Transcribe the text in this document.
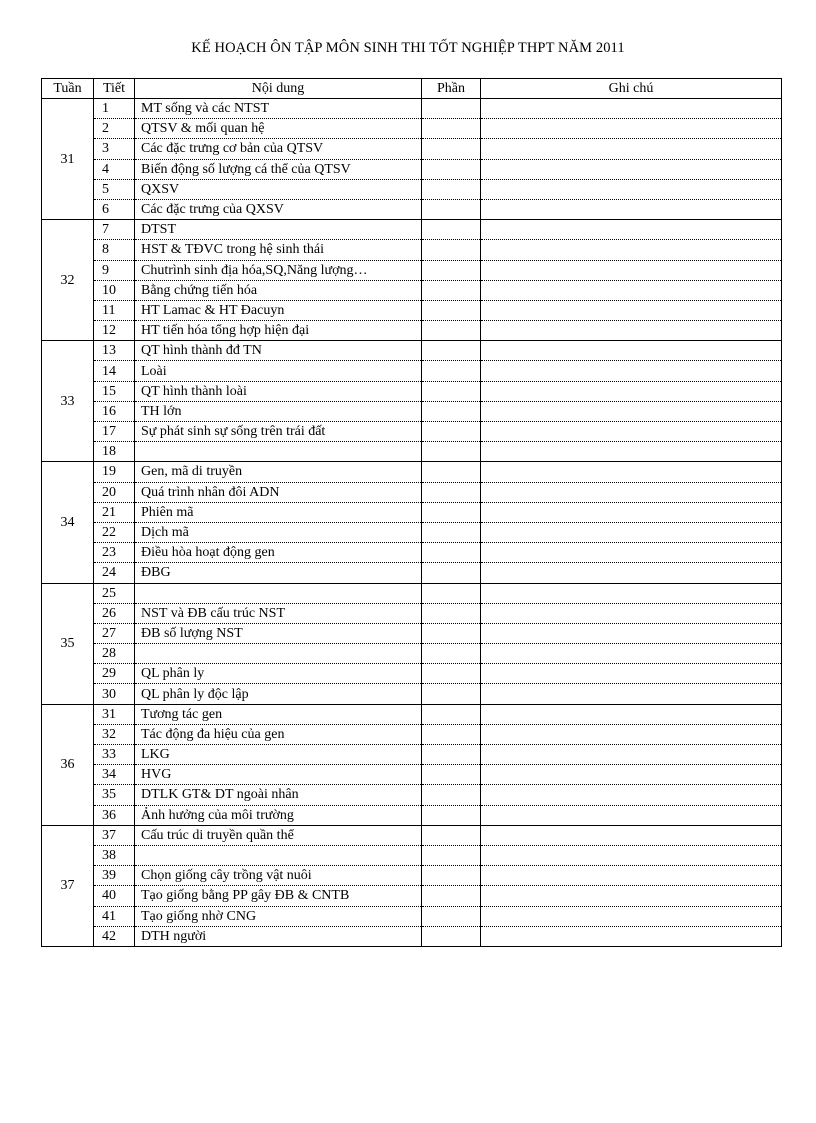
KẾ HOẠCH ÔN TẬP MÔN SINH THI TỐT NGHIỆP THPT NĂM 2011
Tuần	Tiết	Nội dung	Phần	Ghi chú
31	1	MT sống và các NTST		
	2	QTSV & mối quan hệ		
	3	Các đặc trưng cơ bản của QTSV		
	4	Biến động số lượng cá thể của QTSV		
	5	QXSV		
	6	Các đặc trưng của QXSV		
32	7	DTST		
	8	HST & TĐVC trong hệ sinh thái		
	9	Chutrình sinh địa hóa,SQ,Năng lượng…		
	10	Bằng chứng tiến hóa		
	11	HT Lamac & HT Đacuyn		
	12	HT tiến hóa tổng hợp hiện đại		
33	13	QT hình thành đđ TN		
	14	Loài		
	15	QT hình thành loài		
	16	TH lớn		
	17	Sự phát sinh sự sống trên trái đất		
	18			
34	19	Gen, mã di truyền		
	20	Quá trình nhân đôi ADN		
	21	Phiên mã		
	22	Dịch mã		
	23	Điều hòa hoạt động gen		
	24	ĐBG		
35	25			
	26	NST và ĐB cấu trúc NST		
	27	ĐB số lượng NST		
	28			
	29	QL phân ly		
	30	QL phân ly độc lập		
36	31	Tương tác gen		
	32	Tác động đa hiệu của gen		
	33	LKG		
	34	HVG		
	35	DTLK GT& DT ngoài nhân		
	36	Ảnh hưởng của môi trường		
37	37	Cấu trúc di truyền quần thể		
	38			
	39	Chọn giống cây trồng vật nuôi		
	40	Tạo giống bằng PP gây ĐB & CNTB		
	41	Tạo giống nhờ CNG		
	42	DTH người		
